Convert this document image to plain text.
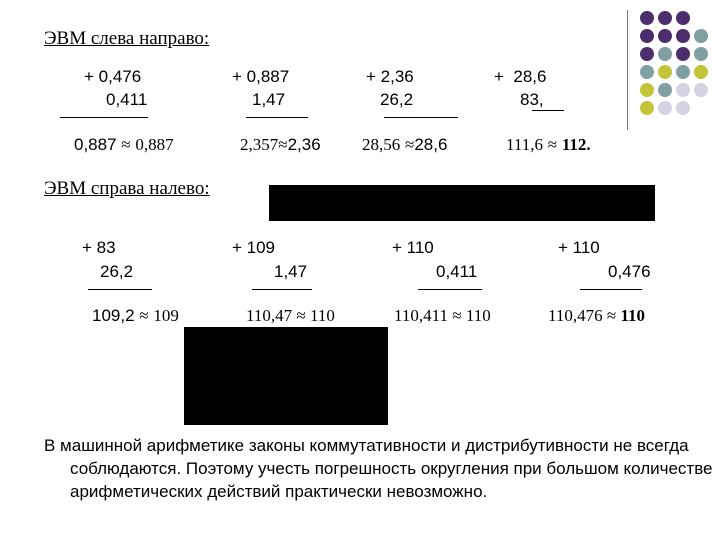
ЭВМ слева направо:
+ 0,476
0,411
0,887 ≈ 0,887
+ 0,887
1,47
2,357≈2,36
+ 2,36
26,2
28,56 ≈28,6
+  28,6
83,
111,6 ≈ 112.
ЭВМ справа налево:
+ 83
26,2
109,2 ≈ 109
+ 109
1,47
110,47 ≈ 110
+ 110
0,411
110,411 ≈ 110
+ 110
0,476
110,476 ≈ 110
В машинной арифметике законы коммутативности и дистрибутивности не всегда соблюдаются. Поэтому учесть погрешность округления при большом количестве арифметических действий практически невозможно.
